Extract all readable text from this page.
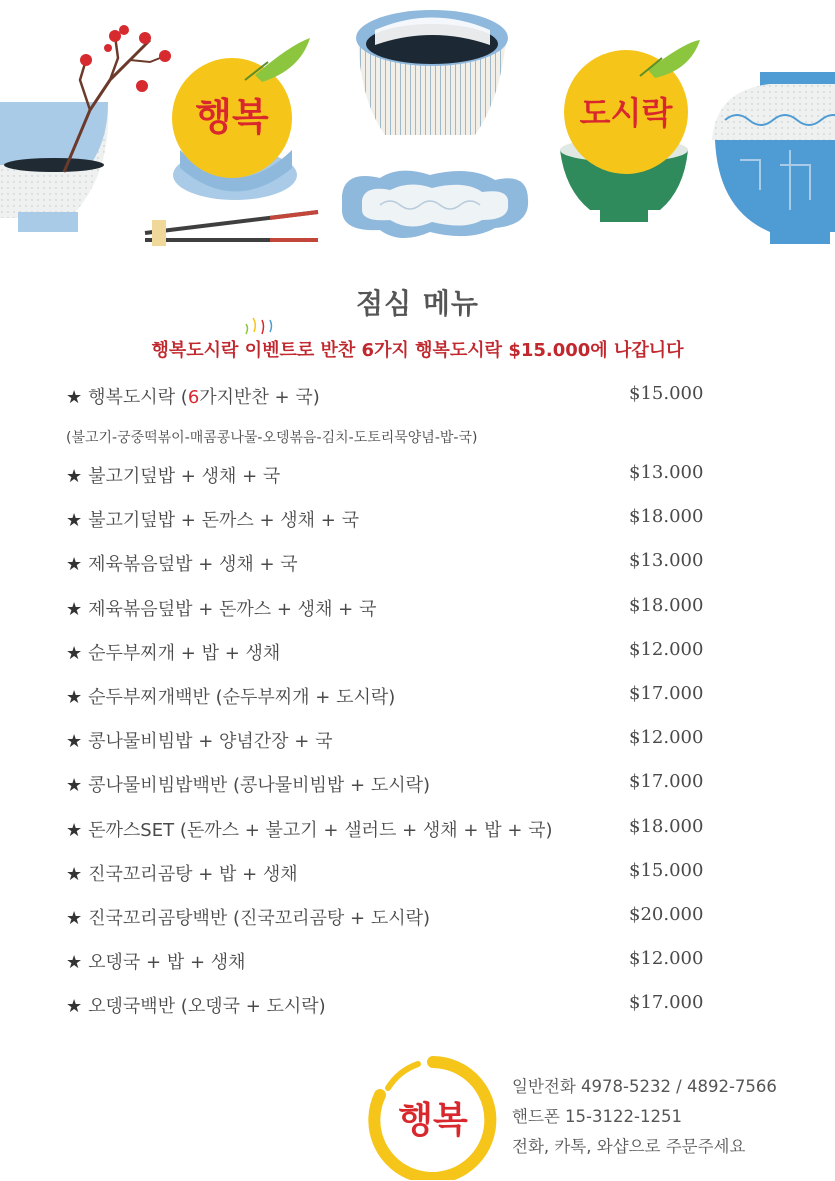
행복	도시락
점심 메뉴
행복도시락 이벤트로 반찬 6가지 행복도시락 $15.000에 나갑니다
★ 행복도시락 (6가지반찬 + 국)	$15.000
(불고기-궁중떡볶이-매콤콩나물-오뎅볶음-김치-도토리묵양념-밥-국)
★ 불고기덮밥 + 생채 + 국	$13.000
★ 불고기덮밥 + 돈까스 + 생채 + 국	$18.000
★ 제육볶음덮밥 + 생채 + 국	$13.000
★ 제육볶음덮밥 + 돈까스 + 생채 + 국	$18.000
★ 순두부찌개 + 밥 + 생채	$12.000
★ 순두부찌개백반 (순두부찌개 + 도시락)	$17.000
★ 콩나물비빔밥 + 양념간장 + 국	$12.000
★ 콩나물비빔밥백반 (콩나물비빔밥 + 도시락)	$17.000
★ 돈까스SET (돈까스 + 불고기 + 샐러드 + 생채 + 밥 + 국)	$18.000
★ 진국꼬리곰탕 + 밥 + 생채	$15.000
★ 진국꼬리곰탕백반 (진국꼬리곰탕 + 도시락)	$20.000
★ 오뎅국 + 밥 + 생채	$12.000
★ 오뎅국백반 (오뎅국 + 도시락)	$17.000
행복
일반전화 4978-5232 / 4892-7566
핸드폰 15-3122-1251
전화, 카톡, 와샵으로 주문주세요
